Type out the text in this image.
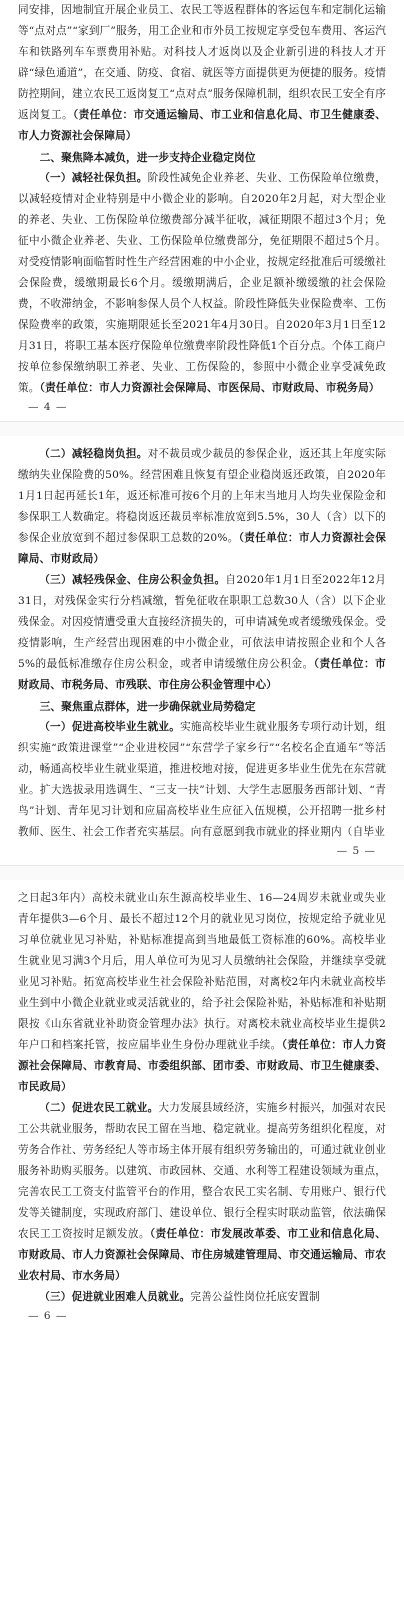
同安排，因地制宜开展企业员工、农民工等返程群体的客运包车和定制化运输等“点对点”“家到厂”服务，用工企业和市外员工按规定享受包车费用、客运汽车和铁路列车车票费用补贴。对科技人才返岗以及企业新引进的科技人才开辟“绿色通道”，在交通、防疫、食宿、就医等方面提供更为便捷的服务。疫情防控期间，建立农民工返岗复工“点对点”服务保障机制，组织农民工安全有序返岗复工。（责任单位：市交通运输局、市工业和信息化局、市卫生健康委、市人力资源社会保障局）

二、聚焦降本减负，进一步支持企业稳定岗位

（一）减轻社保负担。阶段性减免企业养老、失业、工伤保险单位缴费，以减轻疫情对企业特别是中小微企业的影响。自2020年2月起，对大型企业的养老、失业、工伤保险单位缴费部分减半征收，减征期限不超过3个月；免征中小微企业养老、失业、工伤保险单位缴费部分，免征期限不超过5个月。对受疫情影响面临暂时性生产经营困难的中小企业，按规定经批准后可缓缴社会保险费，缓缴期最长6个月。缓缴期满后，企业足额补缴缓缴的社会保险费，不收滞纳金，不影响参保人员个人权益。阶段性降低失业保险费率、工伤保险费率的政策，实施期限延长至2021年4月30日。自2020年3月1日至12月31日，将职工基本医疗保险单位缴费率阶段性降低1个百分点。个体工商户按单位参保缴纳职工养老、失业、工伤保险的，参照中小微企业享受减免政策。（责任单位：市人力资源社会保障局、市医保局、市财政局、市税务局）

— 4 —

（二）减轻稳岗负担。对不裁员或少裁员的参保企业，返还其上年度实际缴纳失业保险费的50%。经营困难且恢复有望企业稳岗返还政策，自2020年1月1日起再延长1年，返还标准可按6个月的上年末当地月人均失业保险金和参保职工人数确定。将稳岗返还裁员率标准放宽到5.5%，30人（含）以下的参保企业放宽到不超过参保职工总数的20%。（责任单位：市人力资源社会保障局、市财政局）

（三）减轻残保金、住房公积金负担。自2020年1月1日至2022年12月31日，对残保金实行分档减缴，暂免征收在职职工总数30人（含）以下企业残保金。对因疫情遭受重大直接经济损失的，可申请减免或者缓缴残保金。受疫情影响，生产经营出现困难的中小微企业，可依法申请按照企业和个人各5%的最低标准缴存住房公积金，或者申请缓缴住房公积金。（责任单位：市财政局、市税务局、市残联、市住房公积金管理中心）

三、聚焦重点群体，进一步确保就业局势稳定

（一）促进高校毕业生就业。实施高校毕业生就业服务专项行动计划，组织实施“政策进课堂”“企业进校园”“东营学子家乡行”“名校名企直通车”等活动，畅通高校毕业生就业渠道，推进校地对接，促进更多毕业生优先在东营就业。扩大选拔录用选调生、“三支一扶”计划、大学生志愿服务西部计划、“青鸟”计划、青年见习计划和应届高校毕业生应征入伍规模，公开招聘一批乡村教师、医生、社会工作者充实基层。向有意愿到我市就业的择业期内（自毕业

— 5 —

之日起3年内）高校未就业山东生源高校毕业生、16—24周岁未就业或失业青年提供3—6个月、最长不超过12个月的就业见习岗位，按规定给予就业见习单位就业见习补贴，补贴标准提高到当地最低工资标准的60%。高校毕业生就业见习满3个月后，用人单位可为见习人员缴纳社会保险，并继续享受就业见习补贴。拓宽高校毕业生社会保险补贴范围，对离校2年内未就业高校毕业生到中小微企业就业或灵活就业的，给予社会保险补贴，补贴标准和补贴期限按《山东省就业补助资金管理办法》执行。对离校未就业高校毕业生提供2年户口和档案托管，按应届毕业生身份办理就业手续。（责任单位：市人力资源社会保障局、市教育局、市委组织部、团市委、市财政局、市卫生健康委、市民政局）

（二）促进农民工就业。大力发展县域经济，实施乡村振兴，加强对农民工公共就业服务，帮助农民工留在当地、稳定就业。提高劳务组织化程度，对劳务合作社、劳务经纪人等市场主体开展有组织劳务输出的，可通过就业创业服务补助购买服务。以建筑、市政园林、交通、水利等工程建设领域为重点，完善农民工工资支付监管平台的作用，整合农民工实名制、专用账户、银行代发等关键制度，实现政府部门、建设单位、银行全程实时联动监管，依法确保农民工工资按时足额发放。（责任单位：市发展改革委、市工业和信息化局、市财政局、市人力资源社会保障局、市住房城建管理局、市交通运输局、市农业农村局、市水务局）

（三）促进就业困难人员就业。完善公益性岗位托底安置制

— 6 —
